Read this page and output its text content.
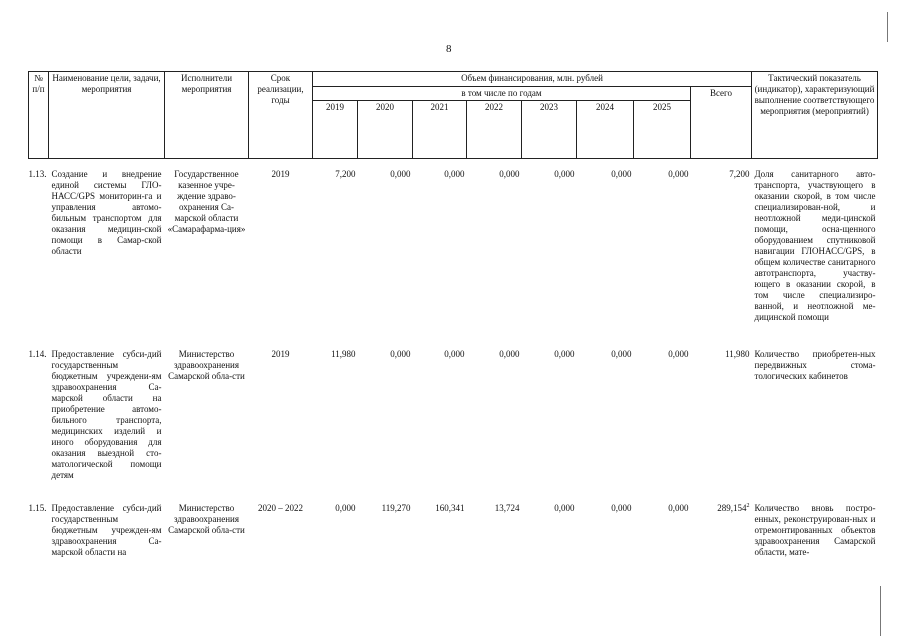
8
№ п/п	Наименование цели, задачи, мероприятия	Исполнители мероприятия	Срок реализации, годы	Объем финансирования, млн. рублей								Тактический показатель (индикатор), характеризующий выполнение соответствующего мероприятия (мероприятий)
				в том числе по годам							Всего	
				2019	2020	2021	2022	2023	2024	2025		

1.13.	Создание и внедрение единой системы ГЛО-НАСС/GPS мониторин-га и управления автомо-бильным транспортом для оказания медицин-ской помощи в Самар-ской области	Государственное казенное учре-ждение здраво-охранения Са-марской области «Самарафарма-ция»	2019	7,200	0,000	0,000	0,000	0,000	0,000	0,000	7,200	Доля санитарного авто-транспорта, участвующего в оказании скорой, в том числе специализирован-ной, и неотложной меди-цинской помощи, осна-щенного оборудованием спутниковой навигации ГЛОНАСС/GPS, в общем количестве санитарного автотранспорта, участву-ющего в оказании скорой, в том числе специализиро-ванной, и неотложной ме-дицинской помощи
1.14.	Предоставление субси-дий государственным бюджетным учреждени-ям здравоохранения Са-марской области на приобретение автомо-бильного транспорта, медицинских изделий и иного оборудования для оказания выездной сто-матологической помощи детям	Министерство здравоохранения Самарской обла-сти	2019	11,980	0,000	0,000	0,000	0,000	0,000	0,000	11,980	Количество приобретен-ных передвижных стома-тологических кабинетов
1.15.	Предоставление субси-дий государственным бюджетным учрежден-ям здравоохранения Са-марской области на	Министерство здравоохранения Самарской обла-сти	2020 – 2022	0,000	119,270	160,341	13,724	0,000	0,000	0,000	289,154$^2$	Количество вновь постро-енных, реконструирован-ных и отремонтированных объектов здравоохранения Самарской области, мате-
